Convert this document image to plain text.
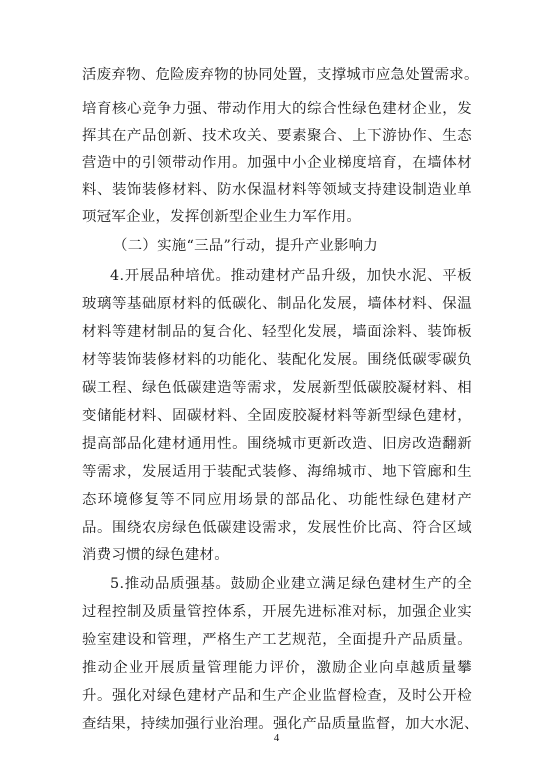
活废弃物、危险废弃物的协同处置，支撑城市应急处置需求。
培育核心竞争力强、带动作用大的综合性绿色建材企业，发
挥其在产品创新、技术攻关、要素聚合、上下游协作、生态
营造中的引领带动作用。加强中小企业梯度培育，在墙体材
料、装饰装修材料、防水保温材料等领域支持建设制造业单
项冠军企业，发挥创新型企业生力军作用。
（二）实施“三品”行动，提升产业影响力
4.开展品种培优。推动建材产品升级，加快水泥、平板
玻璃等基础原材料的低碳化、制品化发展，墙体材料、保温
材料等建材制品的复合化、轻型化发展，墙面涂料、装饰板
材等装饰装修材料的功能化、装配化发展。围绕低碳零碳负
碳工程、绿色低碳建造等需求，发展新型低碳胶凝材料、相
变储能材料、固碳材料、全固废胶凝材料等新型绿色建材，
提高部品化建材通用性。围绕城市更新改造、旧房改造翻新
等需求，发展适用于装配式装修、海绵城市、地下管廊和生
态环境修复等不同应用场景的部品化、功能性绿色建材产
品。围绕农房绿色低碳建设需求，发展性价比高、符合区域
消费习惯的绿色建材。
5.推动品质强基。鼓励企业建立满足绿色建材生产的全
过程控制及质量管控体系，开展先进标准对标，加强企业实
验室建设和管理，严格生产工艺规范，全面提升产品质量。
推动企业开展质量管理能力评价，激励企业向卓越质量攀
升。强化对绿色建材产品和生产企业监督检查，及时公开检
查结果，持续加强行业治理。强化产品质量监督，加大水泥、
4
